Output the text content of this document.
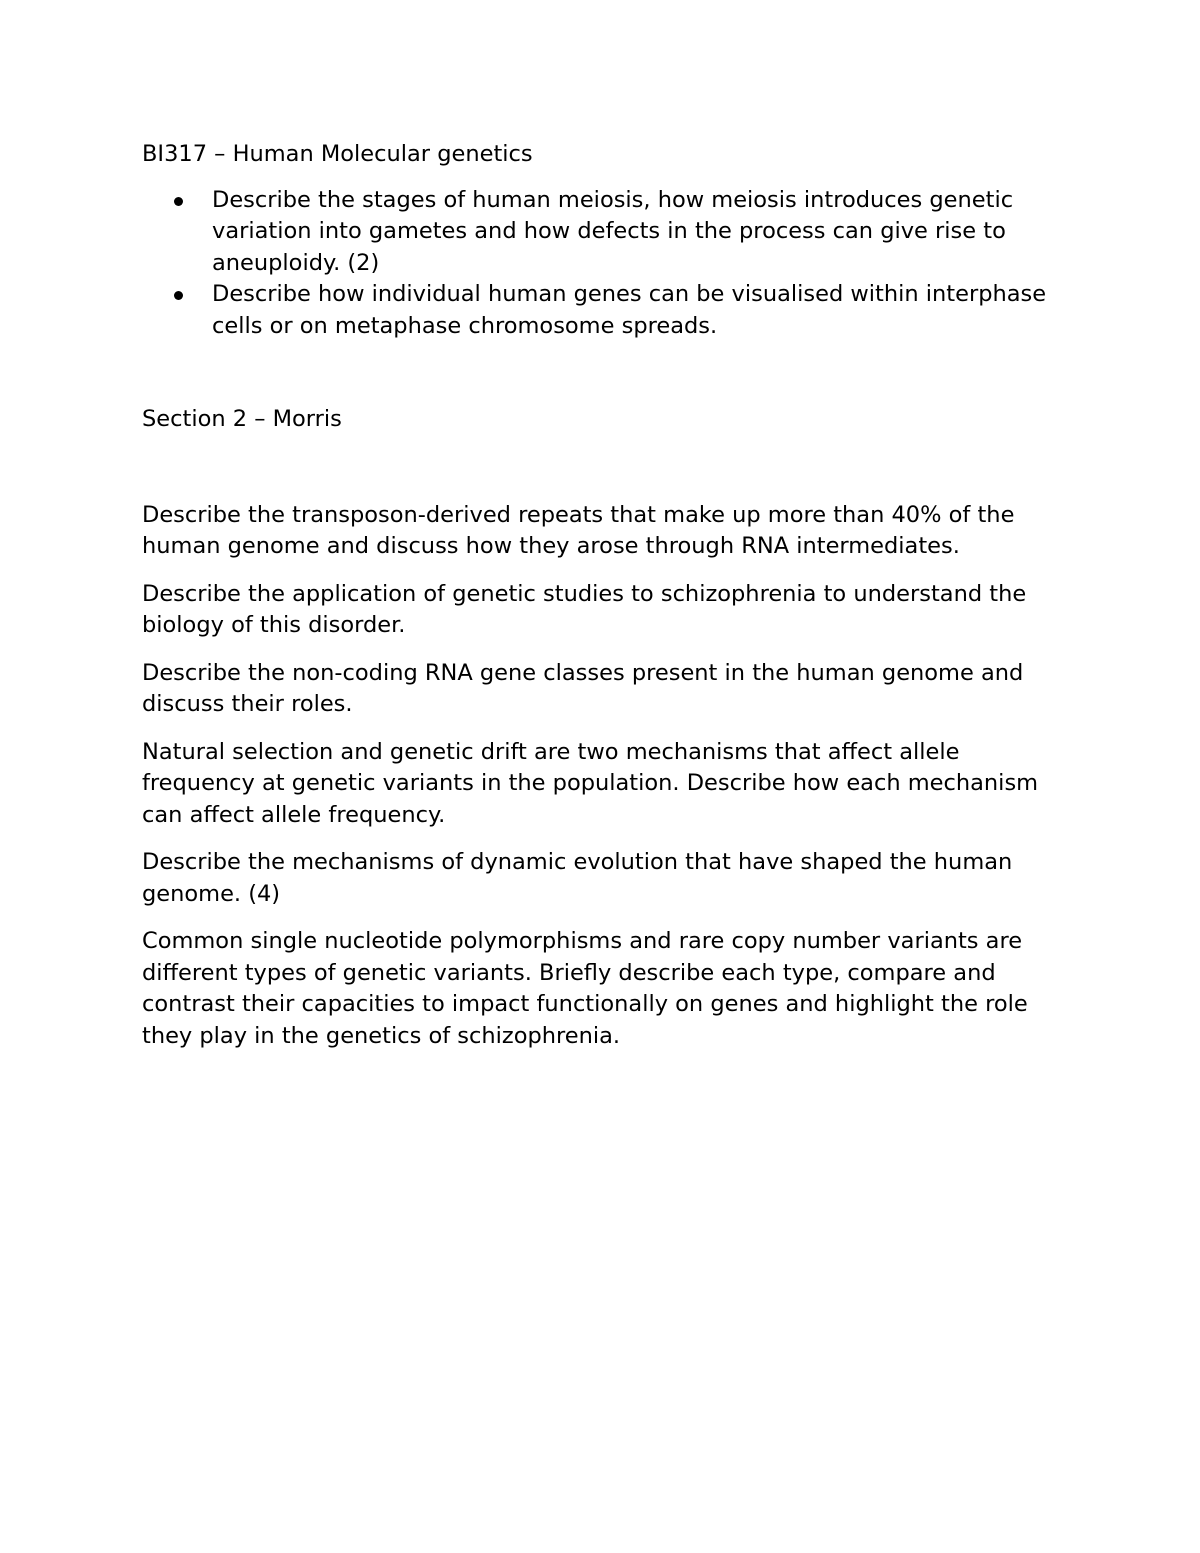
BI317 – Human Molecular genetics
Describe the stages of human meiosis, how meiosis introduces genetic variation into gametes and how defects in the process can give rise to aneuploidy. (2)
Describe how individual human genes can be visualised within interphase cells or on metaphase chromosome spreads.
Section 2 – Morris

Describe the transposon-derived repeats that make up more than 40% of the human genome and discuss how they arose through RNA intermediates.

Describe the application of genetic studies to schizophrenia to understand the biology of this disorder.

Describe the non-coding RNA gene classes present in the human genome and discuss their roles.

Natural selection and genetic drift are two mechanisms that affect allele frequency at genetic variants in the population. Describe how each mechanism can affect allele frequency.

Describe the mechanisms of dynamic evolution that have shaped the human genome. (4)

Common single nucleotide polymorphisms and rare copy number variants are different types of genetic variants. Briefly describe each type, compare and contrast their capacities to impact functionally on genes and highlight the role they play in the genetics of schizophrenia.
